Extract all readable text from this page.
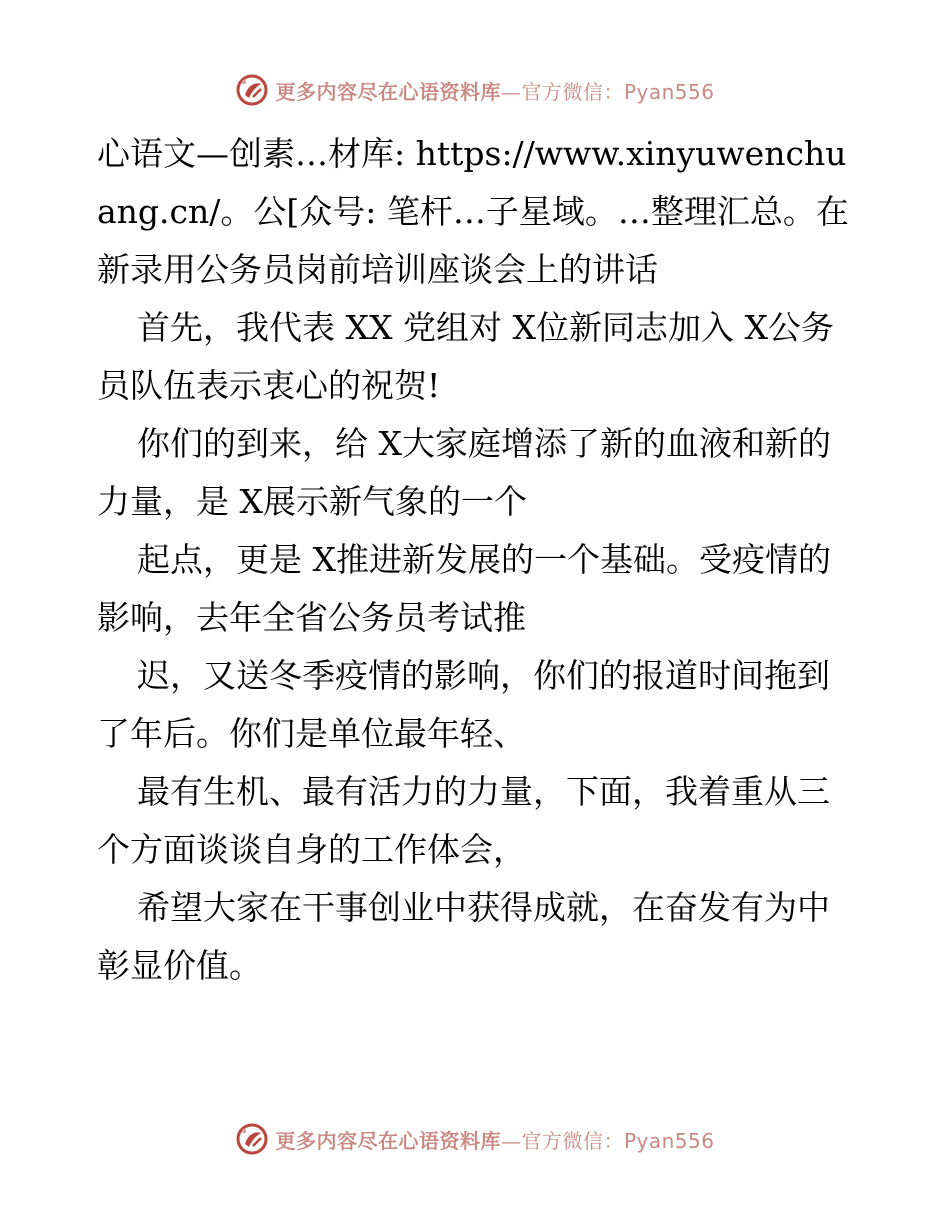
更多内容尽在心语资料库—官方微信：Pyan556

心语文—创素…材库: https://www.xinyuwenchuang.cn/。公[众号: 笔杆…子星域。…整理汇总。在新录用公务员岗前培训座谈会上的讲话

首先，我代表 XX 党组对 X位新同志加入 X公务员队伍表示衷心的祝贺!

你们的到来，给 X大家庭增添了新的血液和新的力量，是 X展示新气象的一个

起点，更是 X推进新发展的一个基础。受疫情的影响，去年全省公务员考试推

迟，又送冬季疫情的影响，你们的报道时间拖到了年后。你们是单位最年轻、

最有生机、最有活力的力量，下面，我着重从三个方面谈谈自身的工作体会，

希望大家在干事创业中获得成就，在奋发有为中彰显价值。

更多内容尽在心语资料库—官方微信：Pyan556
